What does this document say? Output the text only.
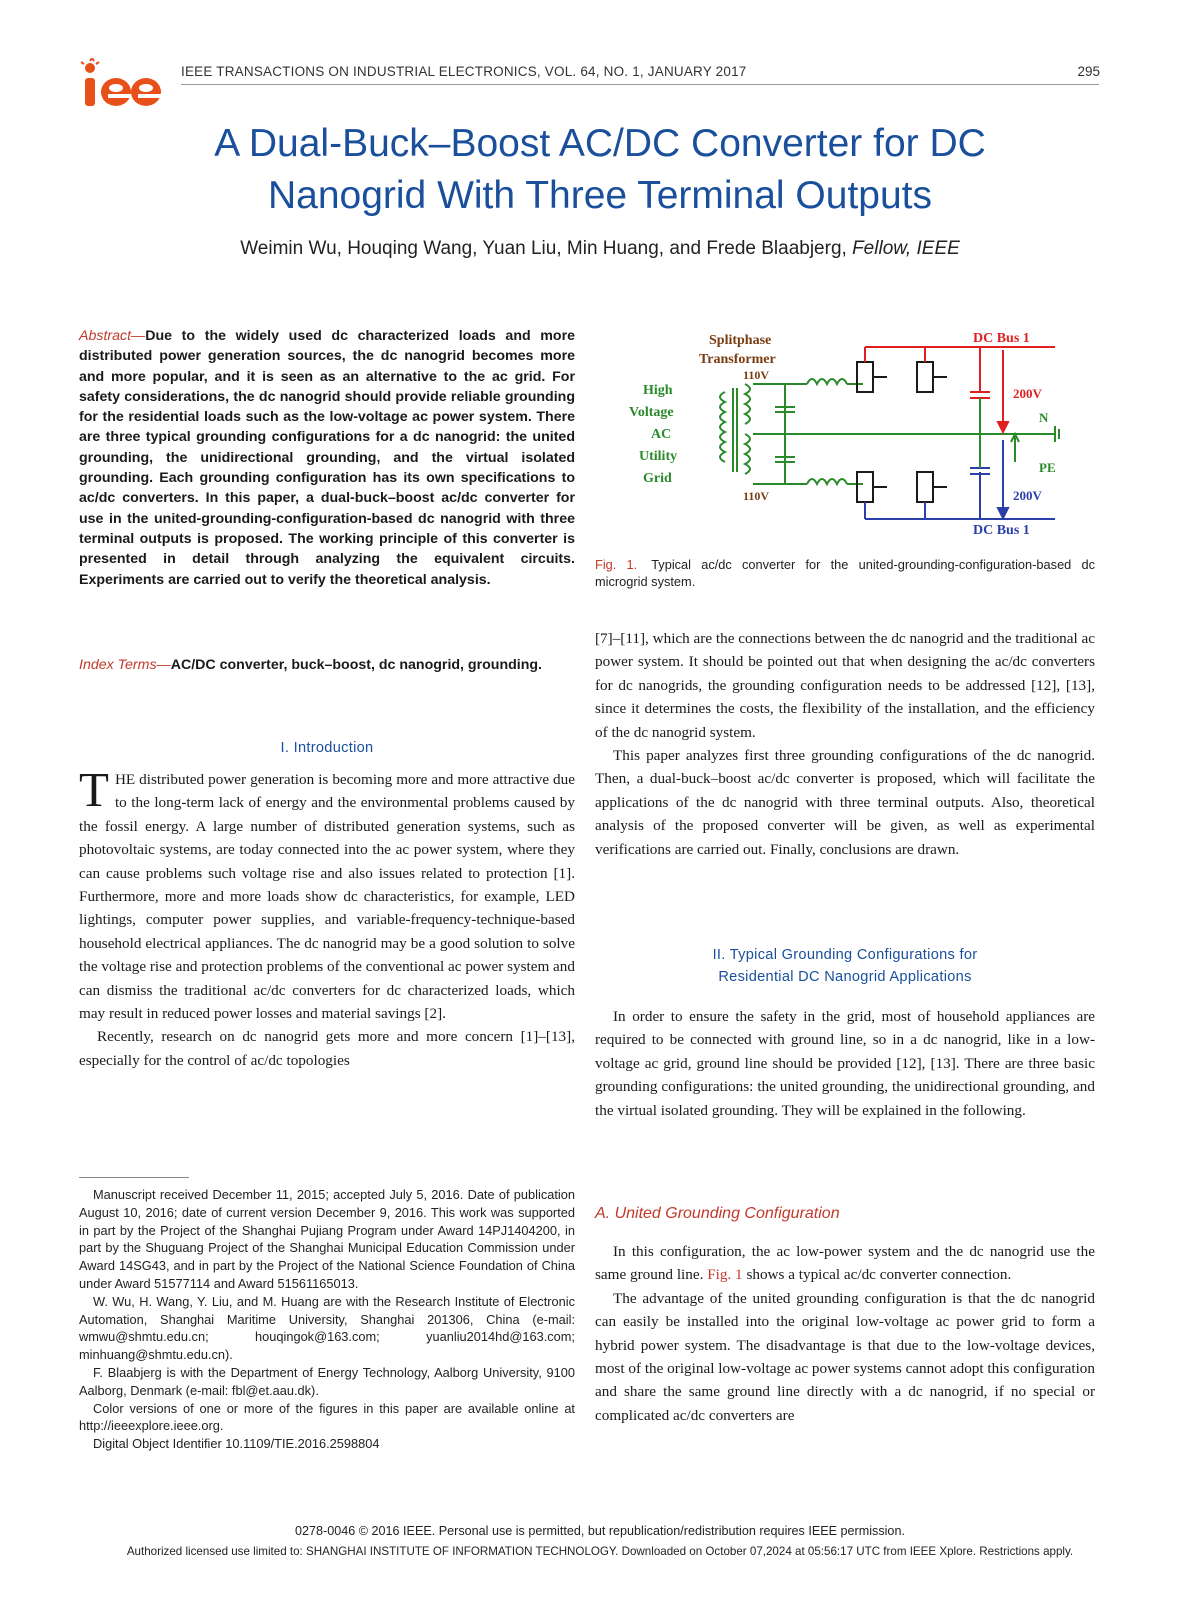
IEEE TRANSACTIONS ON INDUSTRIAL ELECTRONICS, VOL. 64, NO. 1, JANUARY 2017	295
A Dual-Buck–Boost AC/DC Converter for DC
Nanogrid With Three Terminal Outputs
Weimin Wu, Houqing Wang, Yuan Liu, Min Huang, and Frede Blaabjerg, Fellow, IEEE
Abstract—Due to the widely used dc characterized loads and more distributed power generation sources, the dc nanogrid becomes more and more popular, and it is seen as an alternative to the ac grid. For safety considerations, the dc nanogrid should provide reliable grounding for the residential loads such as the low-voltage ac power system. There are three typical grounding configurations for a dc nanogrid: the united grounding, the unidirectional grounding, and the virtual isolated grounding. Each grounding configuration has its own specifications to ac/dc converters. In this paper, a dual-buck–boost ac/dc converter for use in the united-grounding-configuration-based dc nanogrid with three terminal outputs is proposed. The working principle of this converter is presented in detail through analyzing the equivalent circuits. Experiments are carried out to verify the theoretical analysis.
Index Terms—AC/DC converter, buck–boost, dc nanogrid, grounding.
I. Introduction

THE distributed power generation is becoming more and more attractive due to the long-term lack of energy and the environmental problems caused by the fossil energy. A large number of distributed generation systems, such as photovoltaic systems, are today connected into the ac power system, where they can cause problems such voltage rise and also issues related to protection [1]. Furthermore, more and more loads show dc characteristics, for example, LED lightings, computer power supplies, and variable-frequency-technique-based household electrical appliances. The dc nanogrid may be a good solution to solve the voltage rise and protection problems of the conventional ac power system and can dismiss the traditional ac/dc converters for dc characterized loads, which may result in reduced power losses and material savings [2].

Recently, research on dc nanogrid gets more and more concern [1]–[13], especially for the control of ac/dc topologies

Manuscript received December 11, 2015; accepted July 5, 2016. Date of publication August 10, 2016; date of current version December 9, 2016. This work was supported in part by the Project of the Shanghai Pujiang Program under Award 14PJ1404200, in part by the Shuguang Project of the Shanghai Municipal Education Commission under Award 14SG43, and in part by the Project of the National Science Foundation of China under Award 51577114 and Award 51561165013.

W. Wu, H. Wang, Y. Liu, and M. Huang are with the Research Institute of Electronic Automation, Shanghai Maritime University, Shanghai 201306, China (e-mail: wmwu@shmtu.edu.cn; houqingok@163.com; yuanliu2014hd@163.com; minhuang@shmtu.edu.cn).

F. Blaabjerg is with the Department of Energy Technology, Aalborg University, 9100 Aalborg, Denmark (e-mail: fbl@et.aau.dk).

Color versions of one or more of the figures in this paper are available online at http://ieeexplore.ieee.org.

Digital Object Identifier 10.1109/TIE.2016.2598804

Splitphase
Transformer
110V
110V
High
Voltage
AC
Utility
Grid
DC Bus 1
DC Bus 1
200V
200V
N
PE
Fig. 1. Typical ac/dc converter for the united-grounding-configuration-based dc microgrid system.

[7]–[11], which are the connections between the dc nanogrid and the traditional ac power system. It should be pointed out that when designing the ac/dc converters for dc nanogrids, the grounding configuration needs to be addressed [12], [13], since it determines the costs, the flexibility of the installation, and the efficiency of the dc nanogrid system.

This paper analyzes first three grounding configurations of the dc nanogrid. Then, a dual-buck–boost ac/dc converter is proposed, which will facilitate the applications of the dc nanogrid with three terminal outputs. Also, theoretical analysis of the proposed converter will be given, as well as experimental verifications are carried out. Finally, conclusions are drawn.

II. Typical Grounding Configurations for
Residential DC Nanogrid Applications

In order to ensure the safety in the grid, most of household appliances are required to be connected with ground line, so in a dc nanogrid, like in a low-voltage ac grid, ground line should be provided [12], [13]. There are three basic grounding configurations: the united grounding, the unidirectional grounding, and the virtual isolated grounding. They will be explained in the following.

A. United Grounding Configuration

In this configuration, the ac low-power system and the dc nanogrid use the same ground line. Fig. 1 shows a typical ac/dc converter connection.

The advantage of the united grounding configuration is that the dc nanogrid can easily be installed into the original low-voltage ac power grid to form a hybrid power system. The disadvantage is that due to the low-voltage devices, most of the original low-voltage ac power systems cannot adopt this configuration and share the same ground line directly with a dc nanogrid, if no special or complicated ac/dc converters are

0278-0046 © 2016 IEEE. Personal use is permitted, but republication/redistribution requires IEEE permission.
Authorized licensed use limited to: SHANGHAI INSTITUTE OF INFORMATION TECHNOLOGY. Downloaded on October 07,2024 at 05:56:17 UTC from IEEE Xplore. Restrictions apply.
